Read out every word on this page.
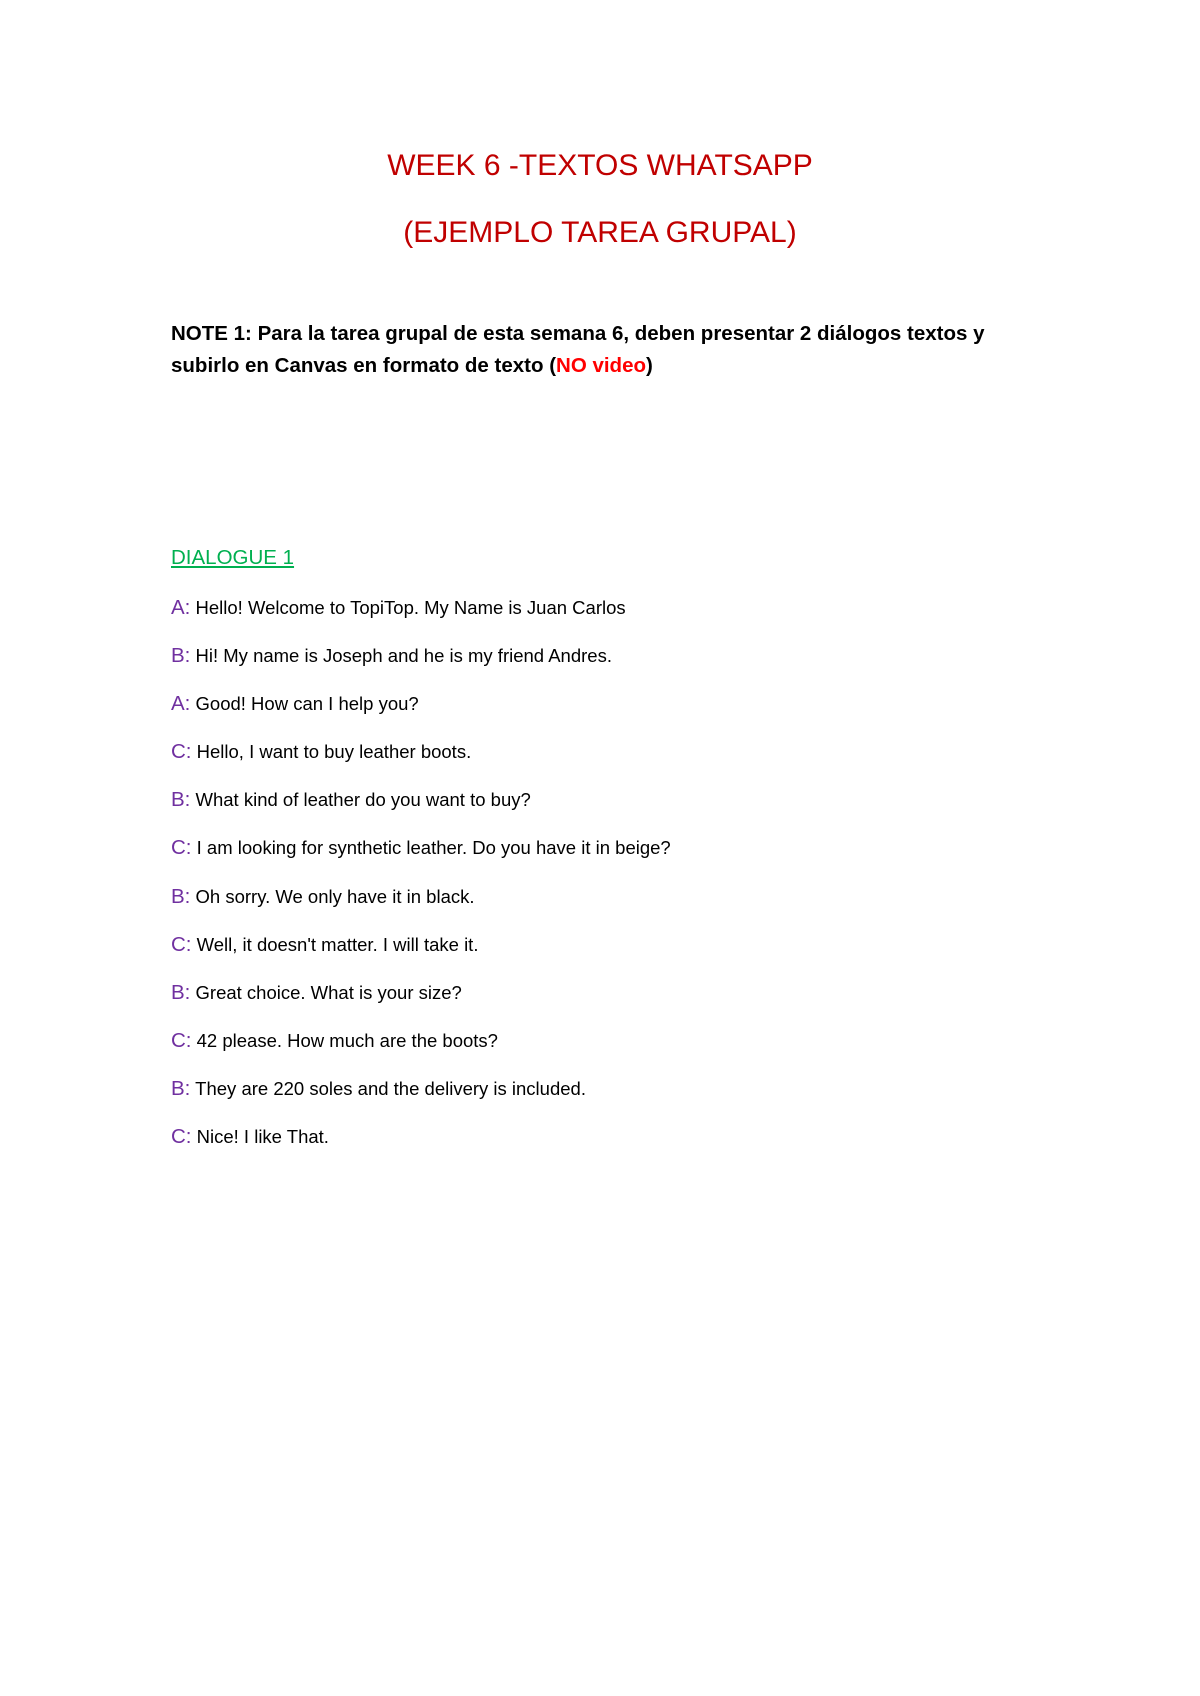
WEEK 6 -TEXTOS WHATSAPP
(EJEMPLO TAREA GRUPAL)
NOTE 1: Para la tarea grupal de esta semana 6, deben presentar 2 diálogos textos y
subirlo en Canvas en formato de texto (NO video)
DIALOGUE 1
A: Hello! Welcome to TopiTop. My Name is Juan Carlos
B: Hi! My name is Joseph and he is my friend Andres.
A: Good! How can I help you?
C: Hello, I want to buy leather boots.
B: What kind of leather do you want to buy?
C: I am looking for synthetic leather. Do you have it in beige?
B: Oh sorry. We only have it in black.
C: Well, it doesn't matter. I will take it.
B: Great choice. What is your size?
C: 42 please. How much are the boots?
B: They are 220 soles and the delivery is included.
C: Nice! I like That.
